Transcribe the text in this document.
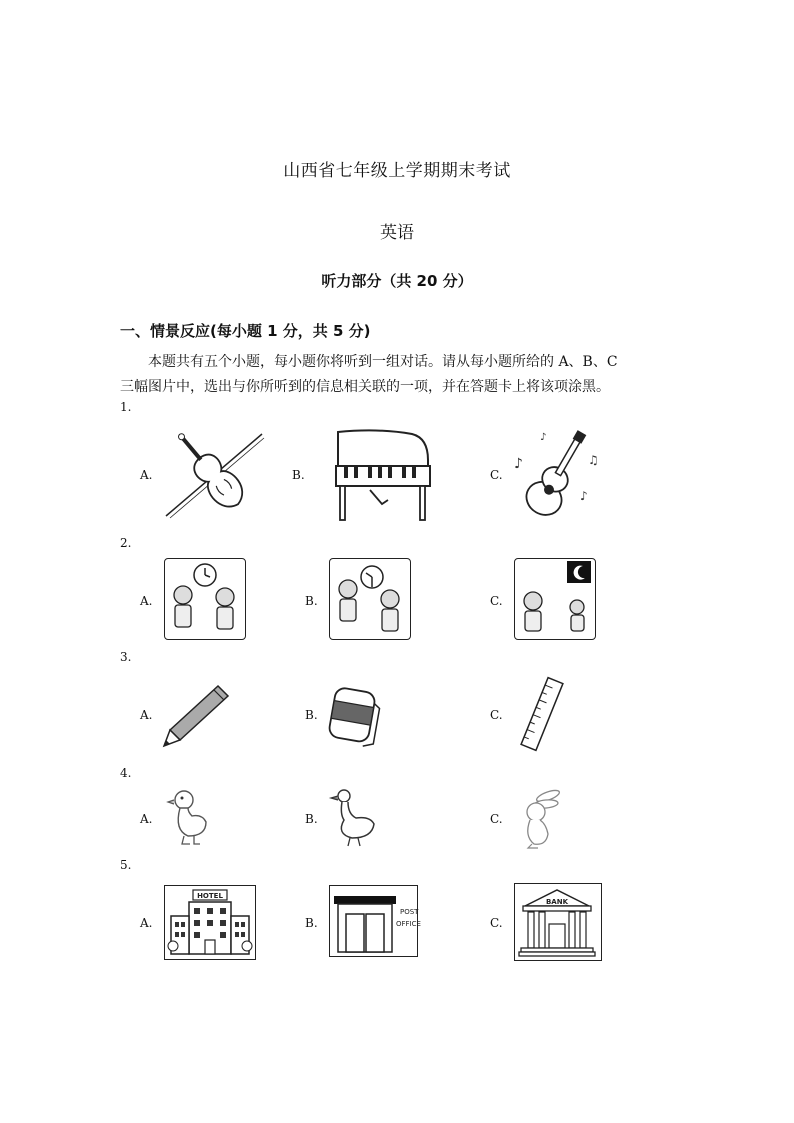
山西省七年级上学期期末考试
英语
听力部分（共 20 分）
一、情景反应(每小题 1 分，共 5 分)

本题共有五个小题，每小题你将听到一组对话。请从每小题所给的 A、B、C

三幅图片中，选出与你所听到的信息相关联的一项，并在答题卡上将该项涂黑。

1.
A.	B.	C.
♪	♫
♪
♪
2.
A.	B.	C.
3.
A.	B.	C.
4.
A.	B.	C.
5.
A.
HOTEL
B.
POST
OFFICE	C.
BANK
